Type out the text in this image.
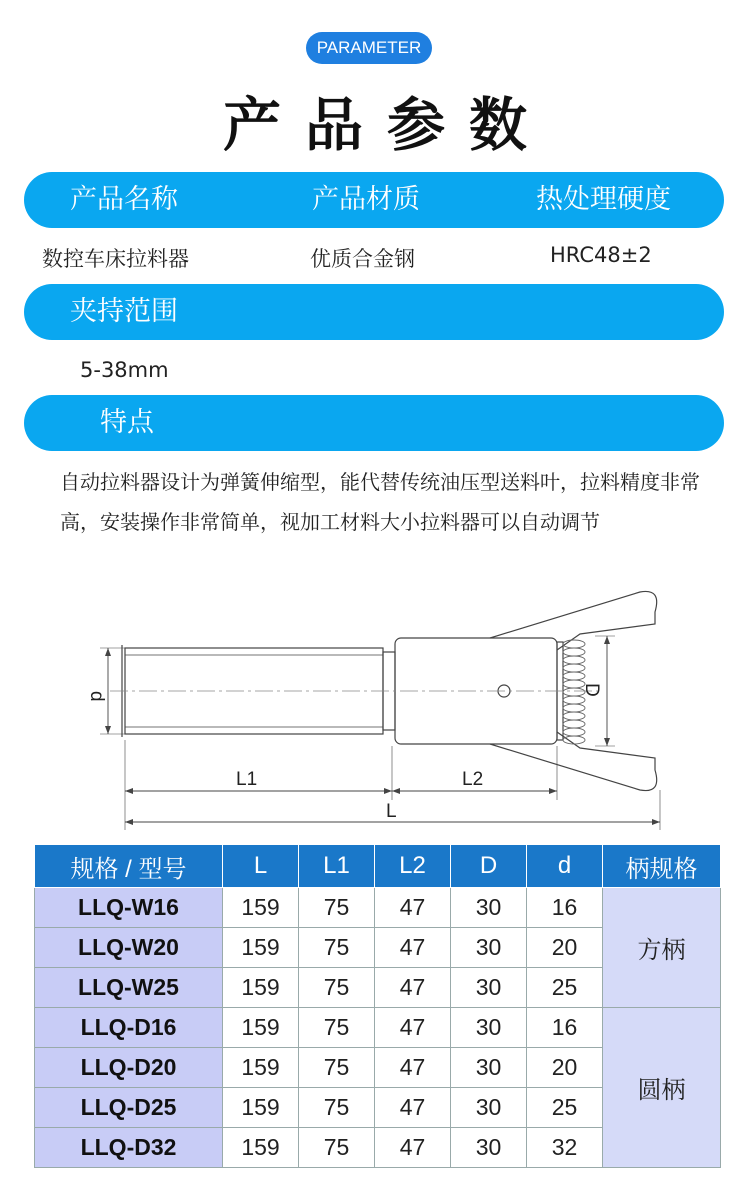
PARAMETER
产品参数
产品名称	产品材质	热处理硬度
数控车床拉料器	优质合金钢	HRC48±2
夹持范围
5-38mm
特点
自动拉料器设计为弹簧伸缩型，能代替传统油压型送料叶，拉料精度非常高，安装操作非常简单，视加工材料大小拉料器可以自动调节
d	D
L1	L2
L
规格 / 型号	L	L1	L2	D	d	柄规格
LLQ-W16	159	75	47	30	16	方柄
LLQ-W20	159	75	47	30	20	
LLQ-W25	159	75	47	30	25	
LLQ-D16	159	75	47	30	16	圆柄
LLQ-D20	159	75	47	30	20	
LLQ-D25	159	75	47	30	25	
LLQ-D32	159	75	47	30	32	
